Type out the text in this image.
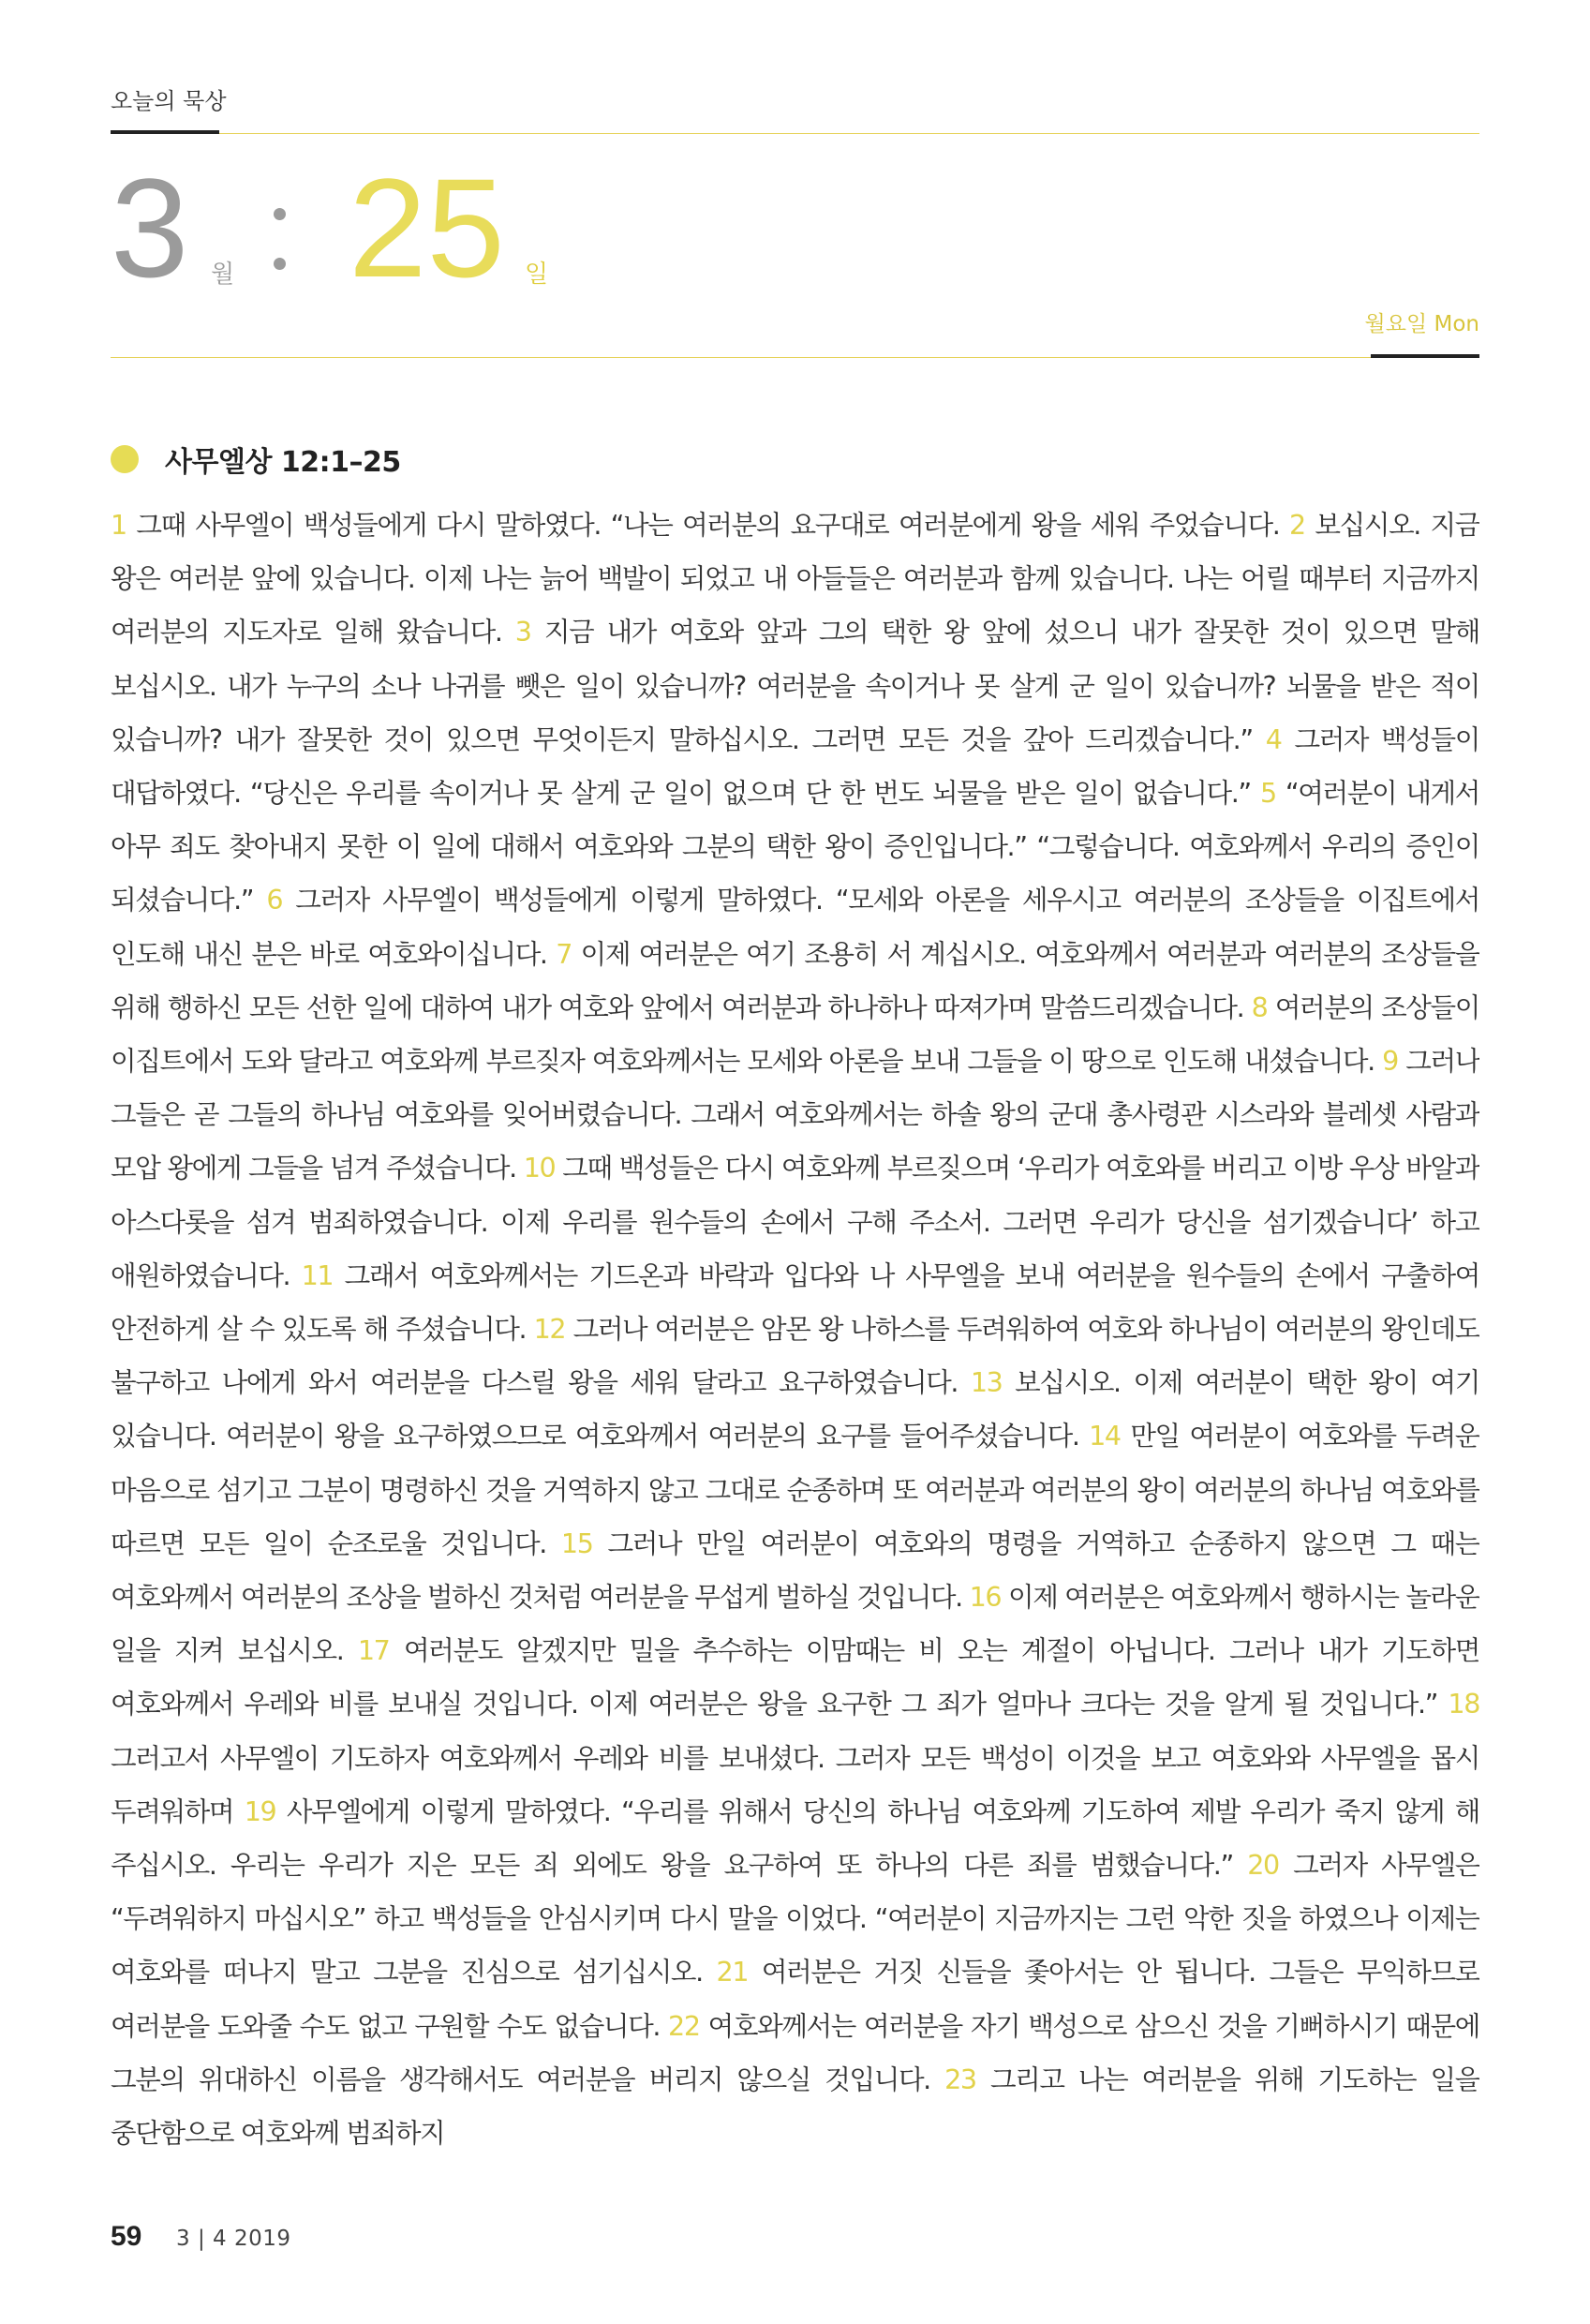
오늘의 묵상
3 월 25 일
월요일 Mon
사무엘상 12:1–25
1 그때 사무엘이 백성들에게 다시 말하였다. “나는 여러분의 요구대로 여러분에게 왕을 세워 주었습니다. 2 보십시오. 지금 왕은 여러분 앞에 있습니다. 이제 나는 늙어 백발이 되었고 내 아들들은 여러분과 함께 있습니다. 나는 어릴 때부터 지금까지 여러분의 지도자로 일해 왔습니다. 3 지금 내가 여호와 앞과 그의 택한 왕 앞에 섰으니 내가 잘못한 것이 있으면 말해 보십시오. 내가 누구의 소나 나귀를 뺏은 일이 있습니까? 여러분을 속이거나 못 살게 군 일이 있습니까? 뇌물을 받은 적이 있습니까? 내가 잘못한 것이 있으면 무엇이든지 말하십시오. 그러면 모든 것을 갚아 드리겠습니다.” 4 그러자 백성들이 대답하였다. “당신은 우리를 속이거나 못 살게 군 일이 없으며 단 한 번도 뇌물을 받은 일이 없습니다.” 5 “여러분이 내게서 아무 죄도 찾아내지 못한 이 일에 대해서 여호와와 그분의 택한 왕이 증인입니다.” “그렇습니다. 여호와께서 우리의 증인이 되셨습니다.” 6 그러자 사무엘이 백성들에게 이렇게 말하였다. “모세와 아론을 세우시고 여러분의 조상들을 이집트에서 인도해 내신 분은 바로 여호와이십니다. 7 이제 여러분은 여기 조용히 서 계십시오. 여호와께서 여러분과 여러분의 조상들을 위해 행하신 모든 선한 일에 대하여 내가 여호와 앞에서 여러분과 하나하나 따져가며 말씀드리겠습니다. 8 여러분의 조상들이 이집트에서 도와 달라고 여호와께 부르짖자 여호와께서는 모세와 아론을 보내 그들을 이 땅으로 인도해 내셨습니다. 9 그러나 그들은 곧 그들의 하나님 여호와를 잊어버렸습니다. 그래서 여호와께서는 하솔 왕의 군대 총사령관 시스라와 블레셋 사람과 모압 왕에게 그들을 넘겨 주셨습니다. 10 그때 백성들은 다시 여호와께 부르짖으며 ‘우리가 여호와를 버리고 이방 우상 바알과 아스다롯을 섬겨 범죄하였습니다. 이제 우리를 원수들의 손에서 구해 주소서. 그러면 우리가 당신을 섬기겠습니다’ 하고 애원하였습니다. 11 그래서 여호와께서는 기드온과 바락과 입다와 나 사무엘을 보내 여러분을 원수들의 손에서 구출하여 안전하게 살 수 있도록 해 주셨습니다. 12 그러나 여러분은 암몬 왕 나하스를 두려워하여 여호와 하나님이 여러분의 왕인데도 불구하고 나에게 와서 여러분을 다스릴 왕을 세워 달라고 요구하였습니다. 13 보십시오. 이제 여러분이 택한 왕이 여기 있습니다. 여러분이 왕을 요구하였으므로 여호와께서 여러분의 요구를 들어주셨습니다. 14 만일 여러분이 여호와를 두려운 마음으로 섬기고 그분이 명령하신 것을 거역하지 않고 그대로 순종하며 또 여러분과 여러분의 왕이 여러분의 하나님 여호와를 따르면 모든 일이 순조로울 것입니다. 15 그러나 만일 여러분이 여호와의 명령을 거역하고 순종하지 않으면 그 때는 여호와께서 여러분의 조상을 벌하신 것처럼 여러분을 무섭게 벌하실 것입니다. 16 이제 여러분은 여호와께서 행하시는 놀라운 일을 지켜 보십시오. 17 여러분도 알겠지만 밀을 추수하는 이맘때는 비 오는 계절이 아닙니다. 그러나 내가 기도하면 여호와께서 우레와 비를 보내실 것입니다. 이제 여러분은 왕을 요구한 그 죄가 얼마나 크다는 것을 알게 될 것입니다.” 18 그러고서 사무엘이 기도하자 여호와께서 우레와 비를 보내셨다. 그러자 모든 백성이 이것을 보고 여호와와 사무엘을 몹시 두려워하며 19 사무엘에게 이렇게 말하였다. “우리를 위해서 당신의 하나님 여호와께 기도하여 제발 우리가 죽지 않게 해 주십시오. 우리는 우리가 지은 모든 죄 외에도 왕을 요구하여 또 하나의 다른 죄를 범했습니다.” 20 그러자 사무엘은 “두려워하지 마십시오” 하고 백성들을 안심시키며 다시 말을 이었다. “여러분이 지금까지는 그런 악한 짓을 하였으나 이제는 여호와를 떠나지 말고 그분을 진심으로 섬기십시오. 21 여러분은 거짓 신들을 좇아서는 안 됩니다. 그들은 무익하므로 여러분을 도와줄 수도 없고 구원할 수도 없습니다. 22 여호와께서는 여러분을 자기 백성으로 삼으신 것을 기뻐하시기 때문에 그분의 위대하신 이름을 생각해서도 여러분을 버리지 않으실 것입니다. 23 그리고 나는 여러분을 위해 기도하는 일을 중단함으로 여호와께 범죄하지
59 3 | 4 2019
